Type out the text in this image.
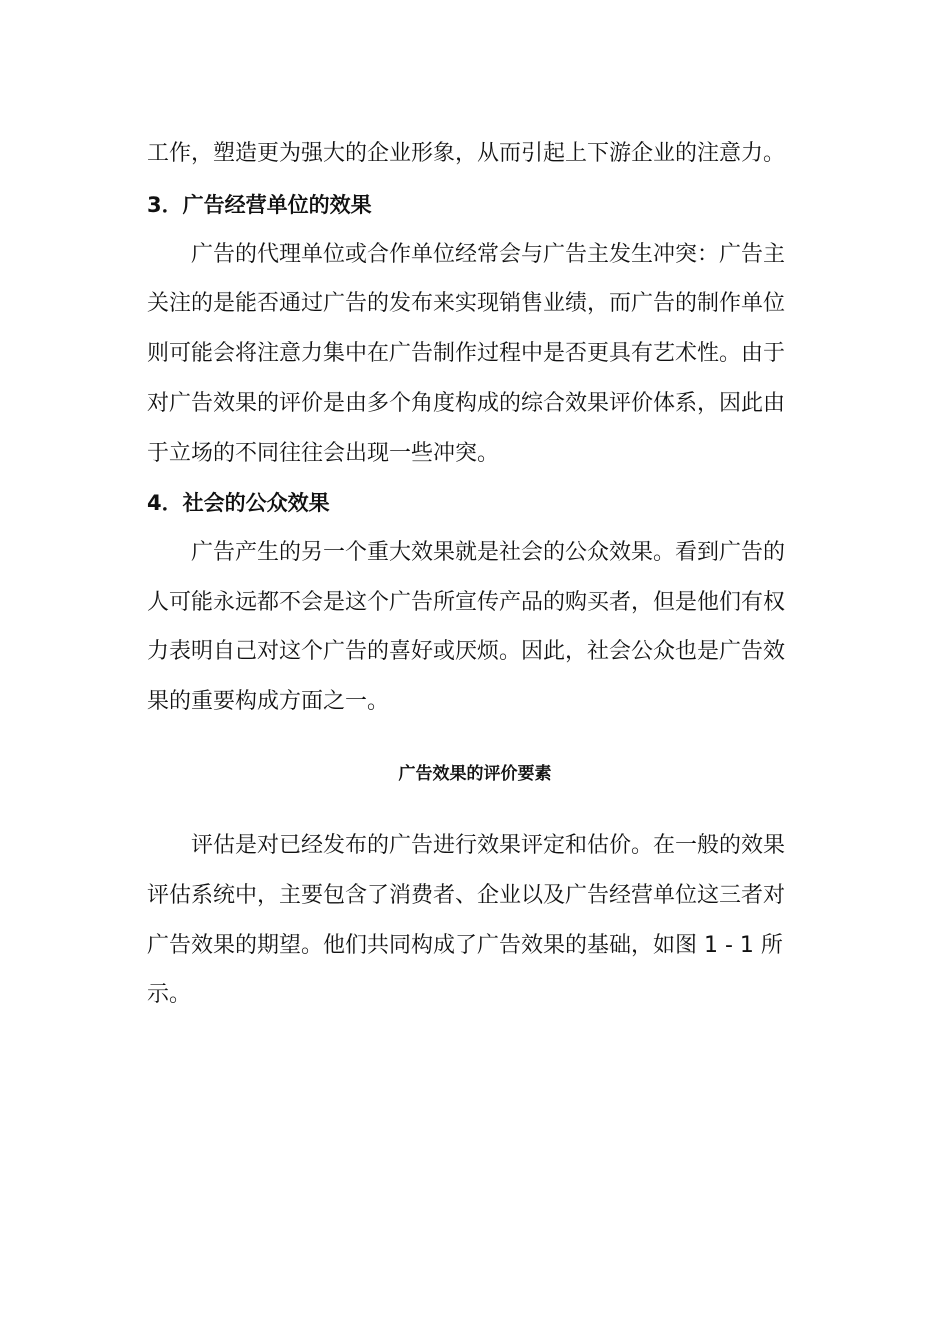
工作，塑造更为强大的企业形象，从而引起上下游企业的注意力。
3．广告经营单位的效果
广告的代理单位或合作单位经常会与广告主发生冲突：广告主
关注的是能否通过广告的发布来实现销售业绩，而广告的制作单位
则可能会将注意力集中在广告制作过程中是否更具有艺术性。由于
对广告效果的评价是由多个角度构成的综合效果评价体系，因此由
于立场的不同往往会出现一些冲突。
4．社会的公众效果
广告产生的另一个重大效果就是社会的公众效果。看到广告的
人可能永远都不会是这个广告所宣传产品的购买者，但是他们有权
力表明自己对这个广告的喜好或厌烦。因此，社会公众也是广告效
果的重要构成方面之一。
广告效果的评价要素
评估是对已经发布的广告进行效果评定和估价。在一般的效果
评估系统中，主要包含了消费者、企业以及广告经营单位这三者对
广告效果的期望。他们共同构成了广告效果的基础，如图 1 - 1 所
示。
